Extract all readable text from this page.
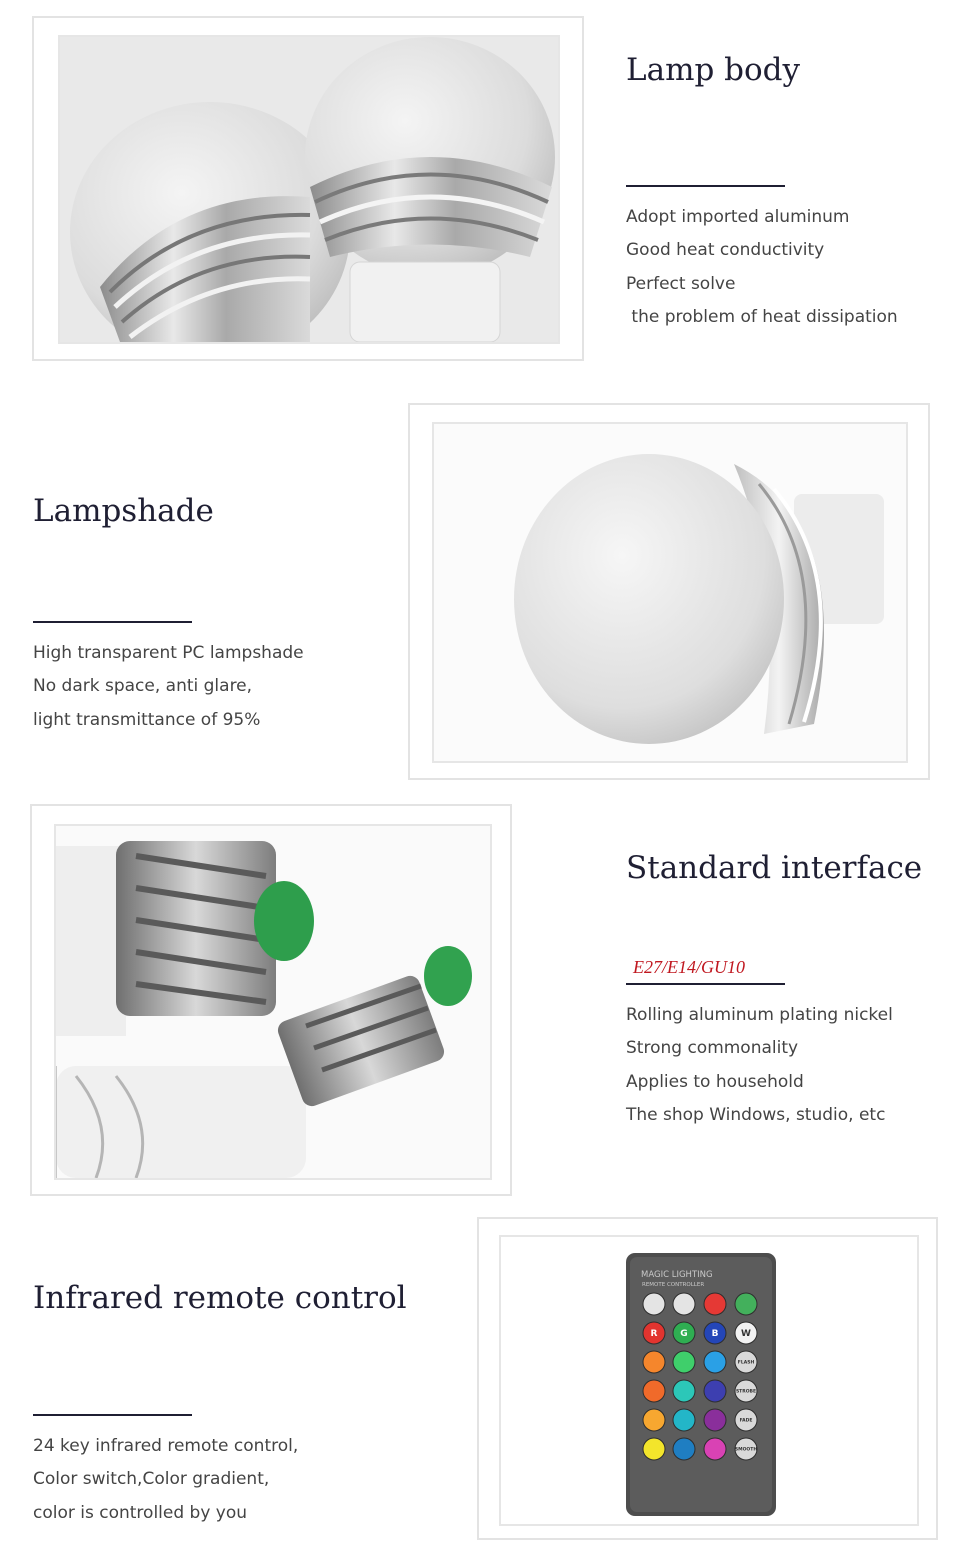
Lamp body
Adopt imported aluminum
Good heat conductivity
Perfect solve
the problem of heat dissipation
Lampshade
High transparent PC lampshade
No dark space, anti glare,
light transmittance of 95%
Standard interface

E27/E14/GU10

Rolling aluminum plating nickel
Strong commonality
Applies to household
The shop Windows, studio, etc
Infrared remote control
24 key infrared remote control,
Color switch,Color gradient,
color is controlled by you
MAGIC LIGHTING
REMOTE CONTROLLER
R	G	B	W
FLASH
STROBE
FADE
SMOOTH
